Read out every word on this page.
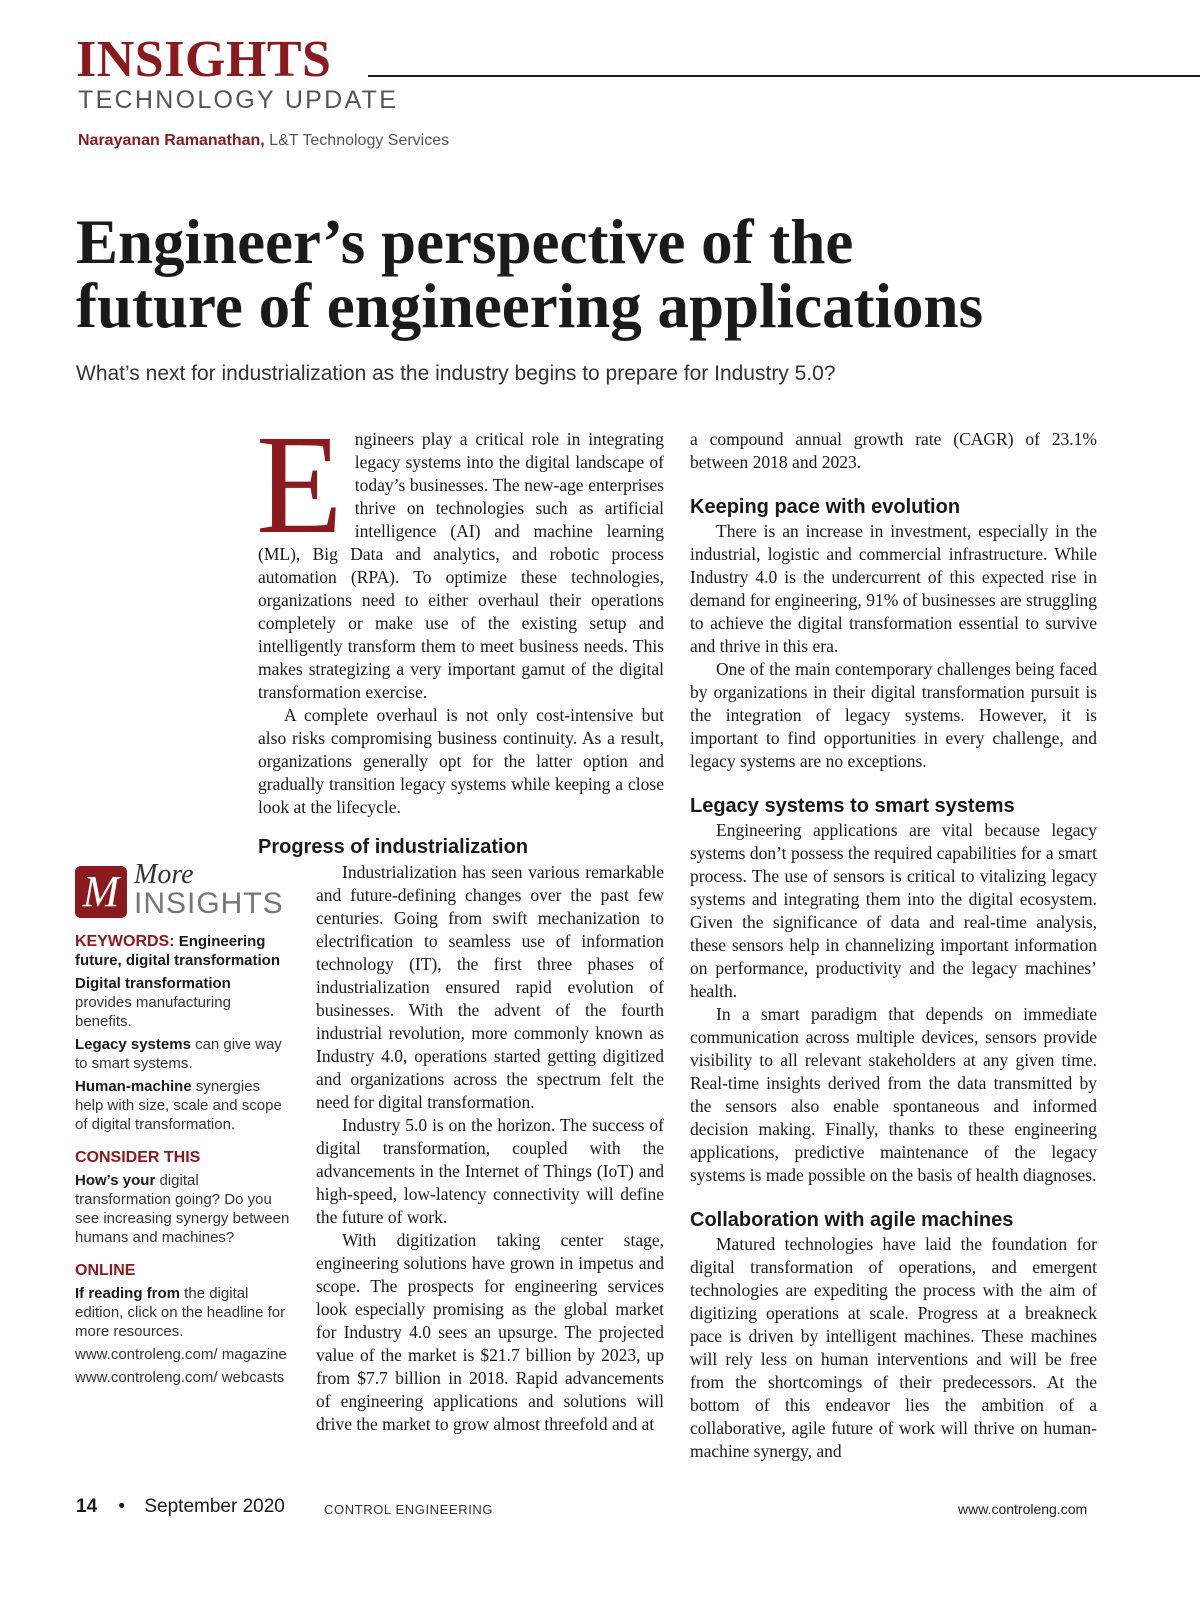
INSIGHTS
TECHNOLOGY UPDATE
Narayanan Ramanathan, L&T Technology Services
Engineer’s perspective of the
future of engineering applications
What’s next for industrialization as the industry begins to prepare for Industry 5.0?

Engineers play a critical role in integrating legacy systems into the digital landscape of today’s businesses. The new-age enterprises thrive on technologies such as artificial intelligence (AI) and machine learning (ML), Big Data and analytics, and robotic process automation (RPA). To optimize these technologies, organizations need to either overhaul their operations completely or make use of the existing setup and intelligently transform them to meet business needs. This makes strategizing a very important gamut of the digital transformation exercise.

A complete overhaul is not only cost-intensive but also risks compromising business continuity. As a result, organizations generally opt for the latter option and gradually transition legacy systems while keeping a close look at the lifecycle.

Progress of industrialization

Industrialization has seen various remarkable and future-defining changes over the past few centuries. Going from swift mechanization to electrification to seamless use of information technology (IT), the first three phases of industrialization ensured rapid evolution of businesses. With the advent of the fourth industrial revolution, more commonly known as Industry 4.0, operations started getting digitized and organizations across the spectrum felt the need for digital transformation.

Industry 5.0 is on the horizon. The success of digital transformation, coupled with the advancements in the Internet of Things (IoT) and high-speed, low-latency connectivity will define the future of work.

With digitization taking center stage, engineering solutions have grown in impetus and scope. The prospects for engineering services look especially promising as the global market for Industry 4.0 sees an upsurge. The projected value of the market is $21.7 billion by 2023, up from $7.7 billion in 2018. Rapid advancements of engineering applications and solutions will drive the market to grow almost threefold and at

a compound annual growth rate (CAGR) of 23.1% between 2018 and 2023.

Keeping pace with evolution

There is an increase in investment, especially in the industrial, logistic and commercial infrastructure. While Industry 4.0 is the undercurrent of this expected rise in demand for engineering, 91% of businesses are struggling to achieve the digital transformation essential to survive and thrive in this era.

One of the main contemporary challenges being faced by organizations in their digital transformation pursuit is the integration of legacy systems. However, it is important to find opportunities in every challenge, and legacy systems are no exceptions.

Legacy systems to smart systems

Engineering applications are vital because legacy systems don’t possess the required capabilities for a smart process. The use of sensors is critical to vitalizing legacy systems and integrating them into the digital ecosystem. Given the significance of data and real-time analysis, these sensors help in channelizing important information on performance, productivity and the legacy machines’ health.

In a smart paradigm that depends on immediate communication across multiple devices, sensors provide visibility to all relevant stakeholders at any given time. Real-time insights derived from the data transmitted by the sensors also enable spontaneous and informed decision making. Finally, thanks to these engineering applications, predictive maintenance of the legacy systems is made possible on the basis of health diagnoses.

Collaboration with agile machines

Matured technologies have laid the foundation for digital transformation of operations, and emergent technologies are expediting the process with the aim of digitizing operations at scale. Progress at a breakneck pace is driven by intelligent machines. These machines will rely less on human interventions and will be free from the shortcomings of their predecessors. At the bottom of this endeavor lies the ambition of a collaborative, agile future of work will thrive on human-machine synergy, and

M More
INSIGHTS
KEYWORDS: Engineering future, digital transformation
Digital transformation provides manufacturing benefits.
Legacy systems can give way to smart systems.
Human-machine synergies help with size, scale and scope of digital transformation.
CONSIDER THIS
How’s your digital transformation going? Do you see increasing synergy between humans and machines?
ONLINE
If reading from the digital edition, click on the headline for more resources.
www.controleng.com/ magazine
www.controleng.com/ webcasts
14 • September 2020	CONTROL ENGINEERING	www.controleng.com
